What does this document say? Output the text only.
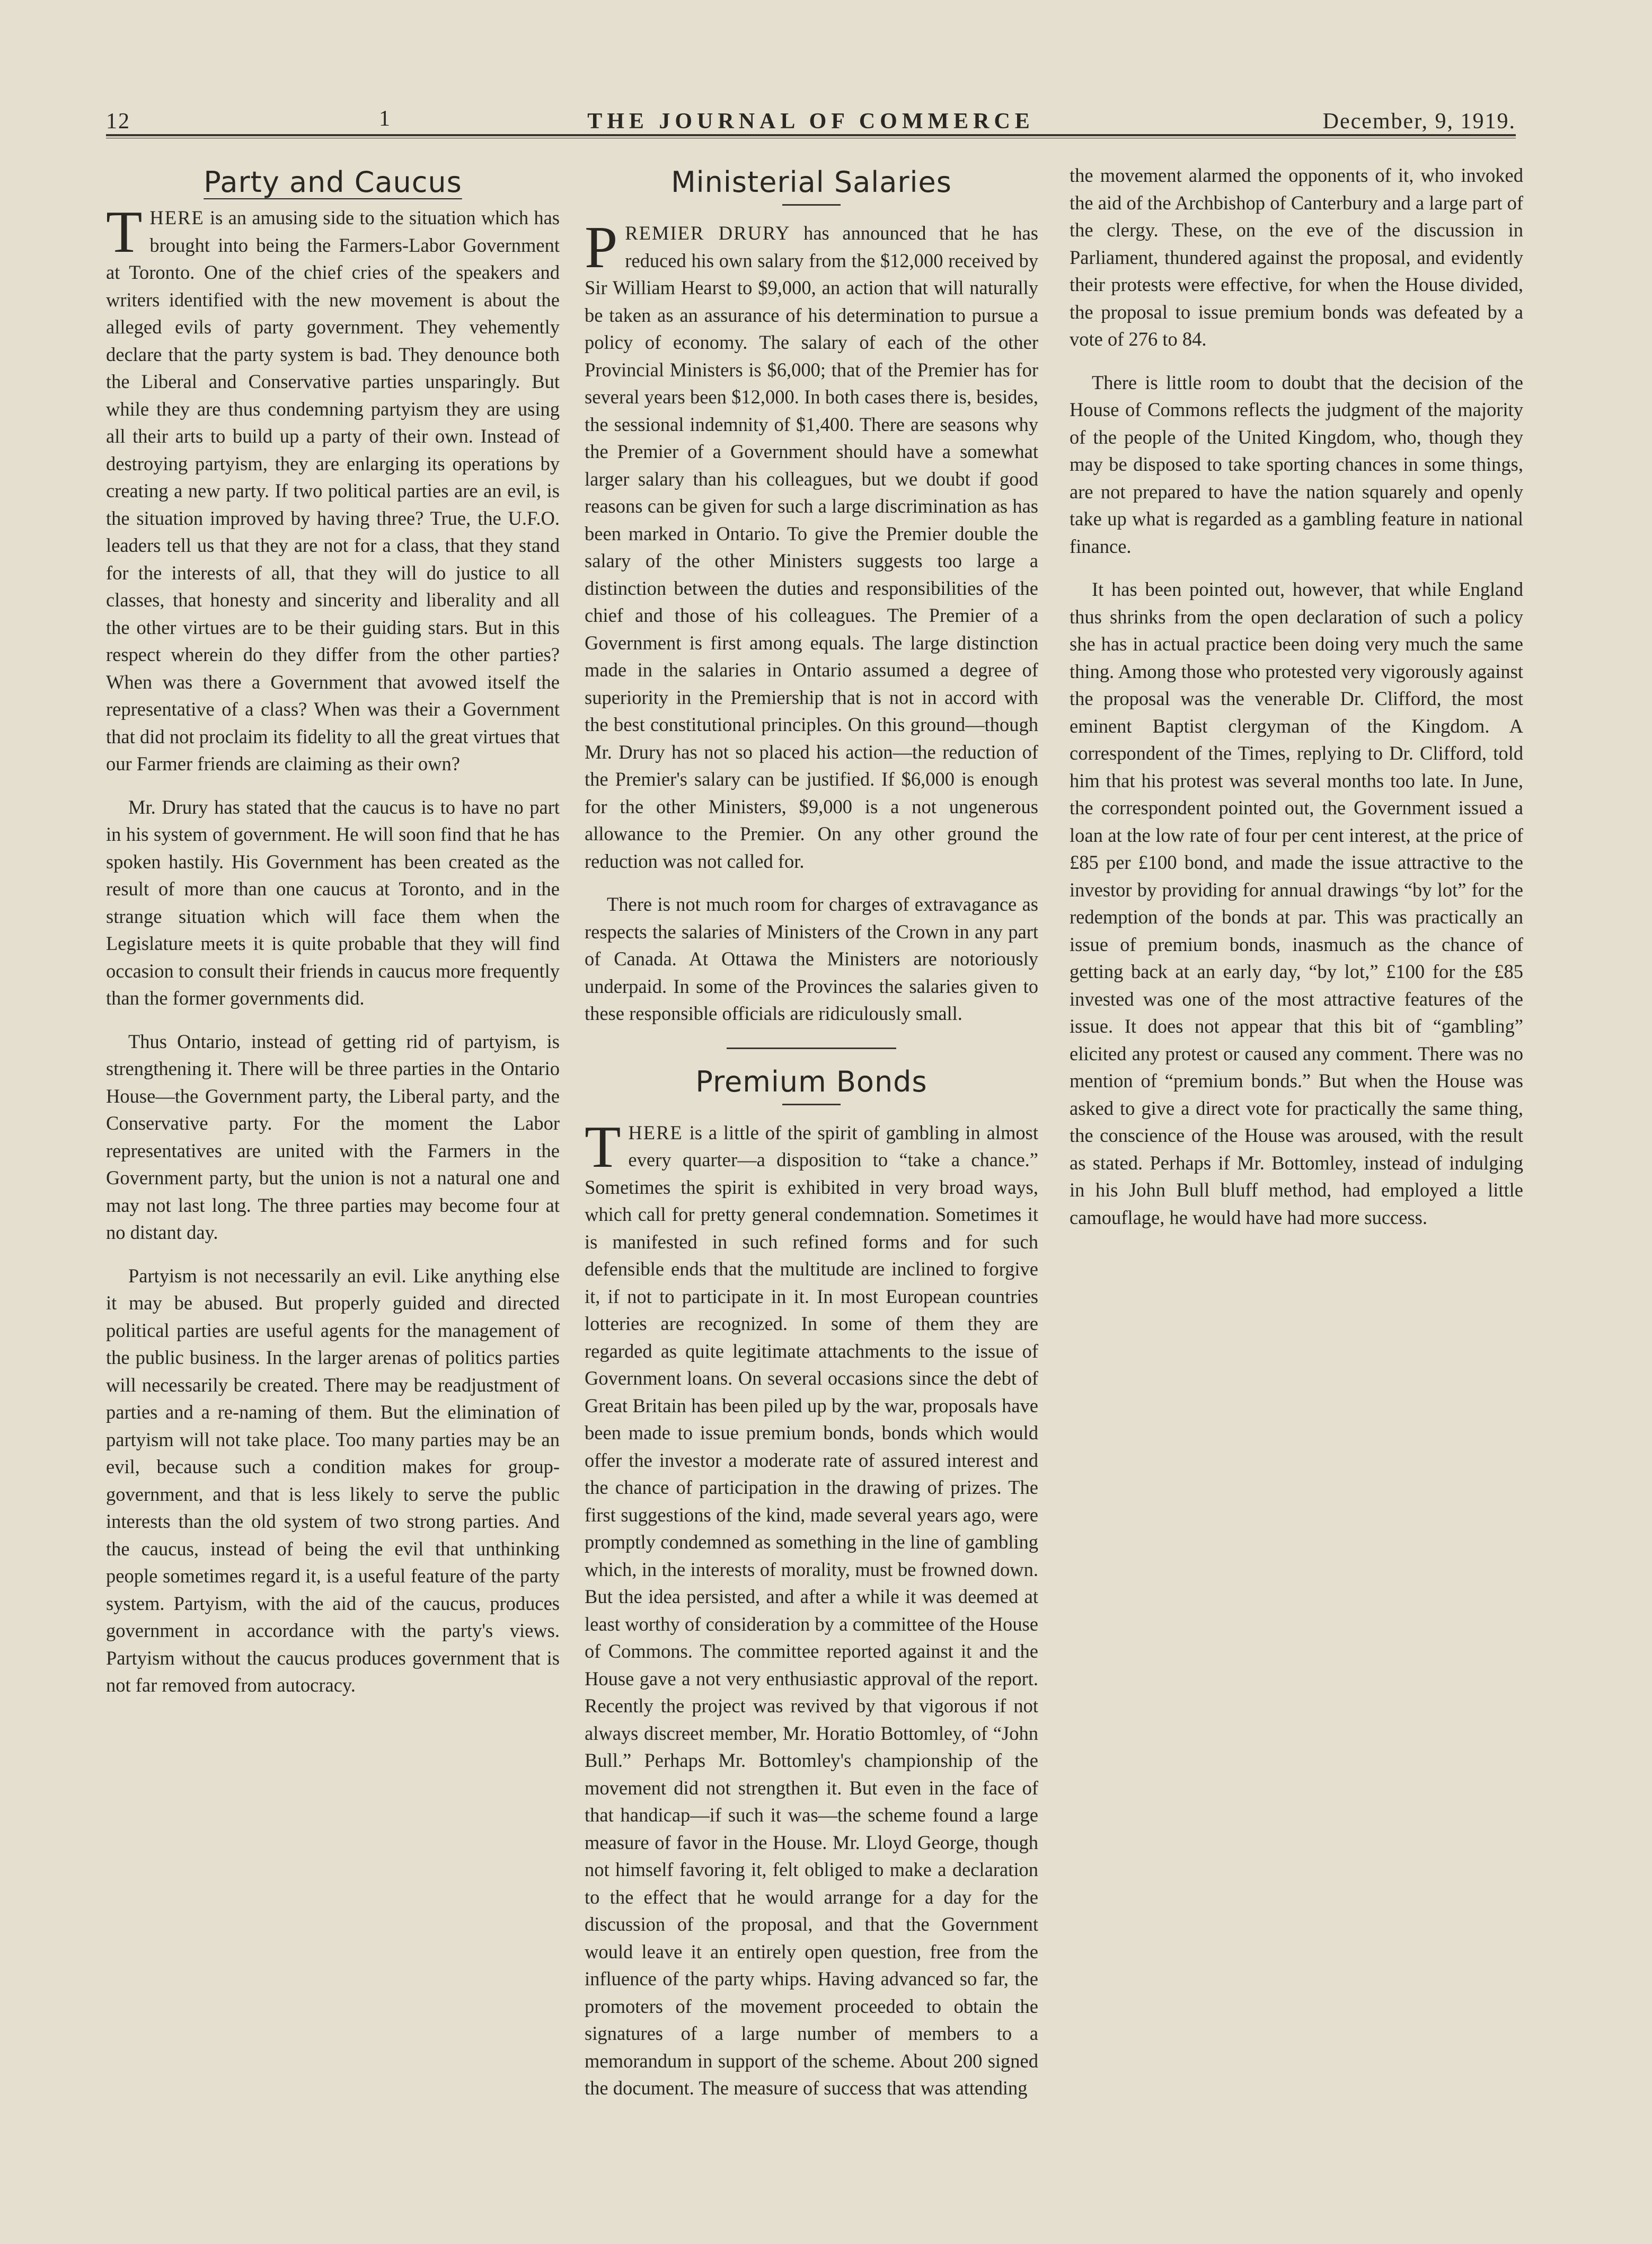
12	1	THE JOURNAL OF COMMERCE	December, 9, 1919.
Party and Caucus

THERE is an amusing side to the situation which has brought into being the Farmers-Labor Government at Toronto. One of the chief cries of the speakers and writers identified with the new movement is about the alleged evils of party government. They vehemently declare that the party system is bad. They denounce both the Liberal and Conservative parties unsparingly. But while they are thus condemning partyism they are using all their arts to build up a party of their own. Instead of destroying partyism, they are enlarging its operations by creating a new party. If two political parties are an evil, is the situation improved by having three? True, the U.F.O. leaders tell us that they are not for a class, that they stand for the interests of all, that they will do justice to all classes, that honesty and sincerity and liberality and all the other virtues are to be their guiding stars. But in this respect wherein do they differ from the other parties? When was there a Government that avowed itself the representative of a class? When was their a Government that did not proclaim its fidelity to all the great virtues that our Farmer friends are claiming as their own?

Mr. Drury has stated that the caucus is to have no part in his system of government. He will soon find that he has spoken hastily. His Government has been created as the result of more than one caucus at Toronto, and in the strange situation which will face them when the Legislature meets it is quite probable that they will find occasion to consult their friends in caucus more frequently than the former governments did.

Thus Ontario, instead of getting rid of partyism, is strengthening it. There will be three parties in the Ontario House—the Government party, the Liberal party, and the Conservative party. For the moment the Labor representatives are united with the Farmers in the Government party, but the union is not a natural one and may not last long. The three parties may become four at no distant day.

Partyism is not necessarily an evil. Like anything else it may be abused. But properly guided and directed political parties are useful agents for the management of the public business. In the larger arenas of politics parties will necessarily be created. There may be readjustment of parties and a re-naming of them. But the elimination of partyism will not take place. Too many parties may be an evil, because such a condition makes for group-government, and that is less likely to serve the public interests than the old system of two strong parties. And the caucus, instead of being the evil that unthinking people sometimes regard it, is a useful feature of the party system. Partyism, with the aid of the caucus, produces government in accordance with the party's views. Partyism without the caucus produces government that is not far removed from autocracy.

Ministerial Salaries

PREMIER DRURY has announced that he has reduced his own salary from the $12,000 received by Sir William Hearst to $9,000, an action that will naturally be taken as an assurance of his determination to pursue a policy of economy. The salary of each of the other Provincial Ministers is $6,000; that of the Premier has for several years been $12,000. In both cases there is, besides, the sessional indemnity of $1,400. There are seasons why the Premier of a Government should have a somewhat larger salary than his colleagues, but we doubt if good reasons can be given for such a large discrimination as has been marked in Ontario. To give the Premier double the salary of the other Ministers suggests too large a distinction between the duties and responsibilities of the chief and those of his colleagues. The Premier of a Government is first among equals. The large distinction made in the salaries in Ontario assumed a degree of superiority in the Premiership that is not in accord with the best constitutional principles. On this ground—though Mr. Drury has not so placed his action—the reduction of the Premier's salary can be justified. If $6,000 is enough for the other Ministers, $9,000 is a not ungenerous allowance to the Premier. On any other ground the reduction was not called for.

There is not much room for charges of extravagance as respects the salaries of Ministers of the Crown in any part of Canada. At Ottawa the Ministers are notoriously underpaid. In some of the Provinces the salaries given to these responsible officials are ridiculously small.

Premium Bonds

THERE is a little of the spirit of gambling in almost every quarter—a disposition to “take a chance.” Sometimes the spirit is exhibited in very broad ways, which call for pretty general condemnation. Sometimes it is manifested in such refined forms and for such defensible ends that the multitude are inclined to forgive it, if not to participate in it. In most European countries lotteries are recognized. In some of them they are regarded as quite legitimate attachments to the issue of Government loans. On several occasions since the debt of Great Britain has been piled up by the war, proposals have been made to issue premium bonds, bonds which would offer the investor a moderate rate of assured interest and the chance of participation in the drawing of prizes. The first suggestions of the kind, made several years ago, were promptly condemned as something in the line of gambling which, in the interests of morality, must be frowned down. But the idea persisted, and after a while it was deemed at least worthy of consideration by a committee of the House of Commons. The committee reported against it and the House gave a not very enthusiastic approval of the report. Recently the project was revived by that vigorous if not always discreet member, Mr. Horatio Bottomley, of “John Bull.” Perhaps Mr. Bottomley's championship of the movement did not strengthen it. But even in the face of that handicap—if such it was—the scheme found a large measure of favor in the House. Mr. Lloyd George, though not himself favoring it, felt obliged to make a declaration to the effect that he would arrange for a day for the discussion of the proposal, and that the Government would leave it an entirely open question, free from the influence of the party whips. Having advanced so far, the promoters of the movement proceeded to obtain the signatures of a large number of members to a memorandum in support of the scheme. About 200 signed the document. The measure of success that was attending

the movement alarmed the opponents of it, who invoked the aid of the Archbishop of Canterbury and a large part of the clergy. These, on the eve of the discussion in Parliament, thundered against the proposal, and evidently their protests were effective, for when the House divided, the proposal to issue premium bonds was defeated by a vote of 276 to 84.

There is little room to doubt that the decision of the House of Commons reflects the judgment of the majority of the people of the United Kingdom, who, though they may be disposed to take sporting chances in some things, are not prepared to have the nation squarely and openly take up what is regarded as a gambling feature in national finance.

It has been pointed out, however, that while England thus shrinks from the open declaration of such a policy she has in actual practice been doing very much the same thing. Among those who protested very vigorously against the proposal was the venerable Dr. Clifford, the most eminent Baptist clergyman of the Kingdom. A correspondent of the Times, replying to Dr. Clifford, told him that his protest was several months too late. In June, the correspondent pointed out, the Government issued a loan at the low rate of four per cent interest, at the price of £85 per £100 bond, and made the issue attractive to the investor by providing for annual drawings “by lot” for the redemption of the bonds at par. This was practically an issue of premium bonds, inasmuch as the chance of getting back at an early day, “by lot,” £100 for the £85 invested was one of the most attractive features of the issue. It does not appear that this bit of “gambling” elicited any protest or caused any comment. There was no mention of “premium bonds.” But when the House was asked to give a direct vote for practically the same thing, the conscience of the House was aroused, with the result as stated. Perhaps if Mr. Bottomley, instead of indulging in his John Bull bluff method, had employed a little camouflage, he would have had more success.
